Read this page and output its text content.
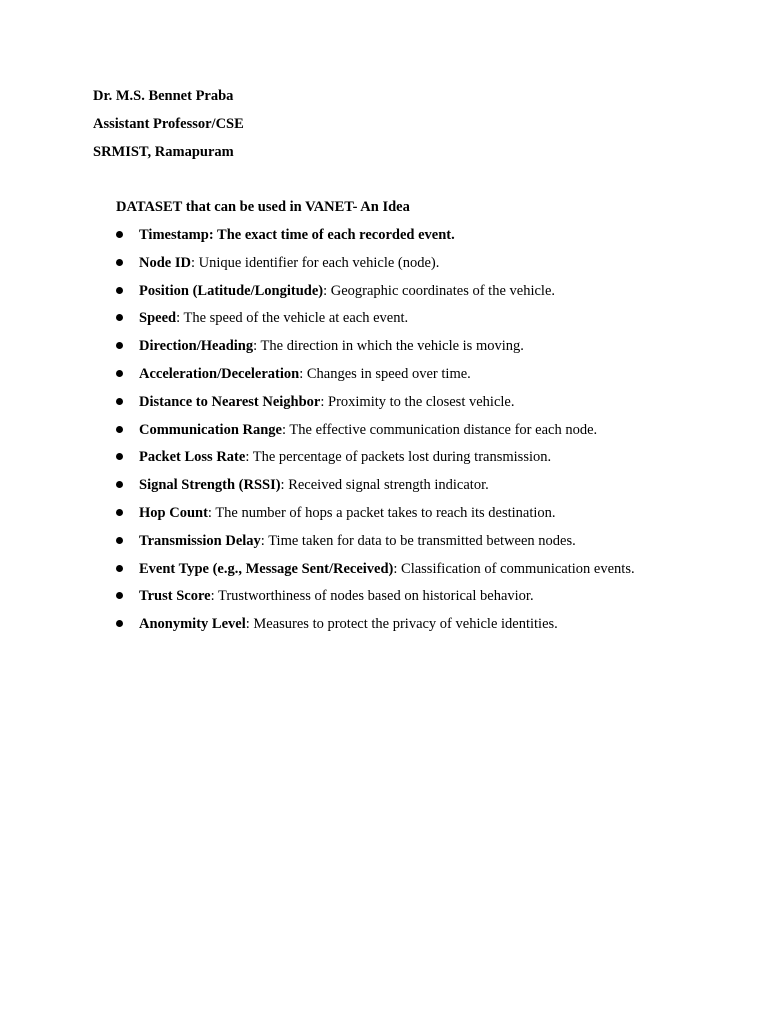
Dr. M.S. Bennet Praba
Assistant Professor/CSE
SRMIST, Ramapuram
DATASET that can be used in VANET- An Idea
Timestamp: The exact time of each recorded event.
Node ID: Unique identifier for each vehicle (node).
Position (Latitude/Longitude): Geographic coordinates of the vehicle.
Speed: The speed of the vehicle at each event.
Direction/Heading: The direction in which the vehicle is moving.
Acceleration/Deceleration: Changes in speed over time.
Distance to Nearest Neighbor: Proximity to the closest vehicle.
Communication Range: The effective communication distance for each node.
Packet Loss Rate: The percentage of packets lost during transmission.
Signal Strength (RSSI): Received signal strength indicator.
Hop Count: The number of hops a packet takes to reach its destination.
Transmission Delay: Time taken for data to be transmitted between nodes.
Event Type (e.g., Message Sent/Received): Classification of communication events.
Trust Score: Trustworthiness of nodes based on historical behavior.
Anonymity Level: Measures to protect the privacy of vehicle identities.
